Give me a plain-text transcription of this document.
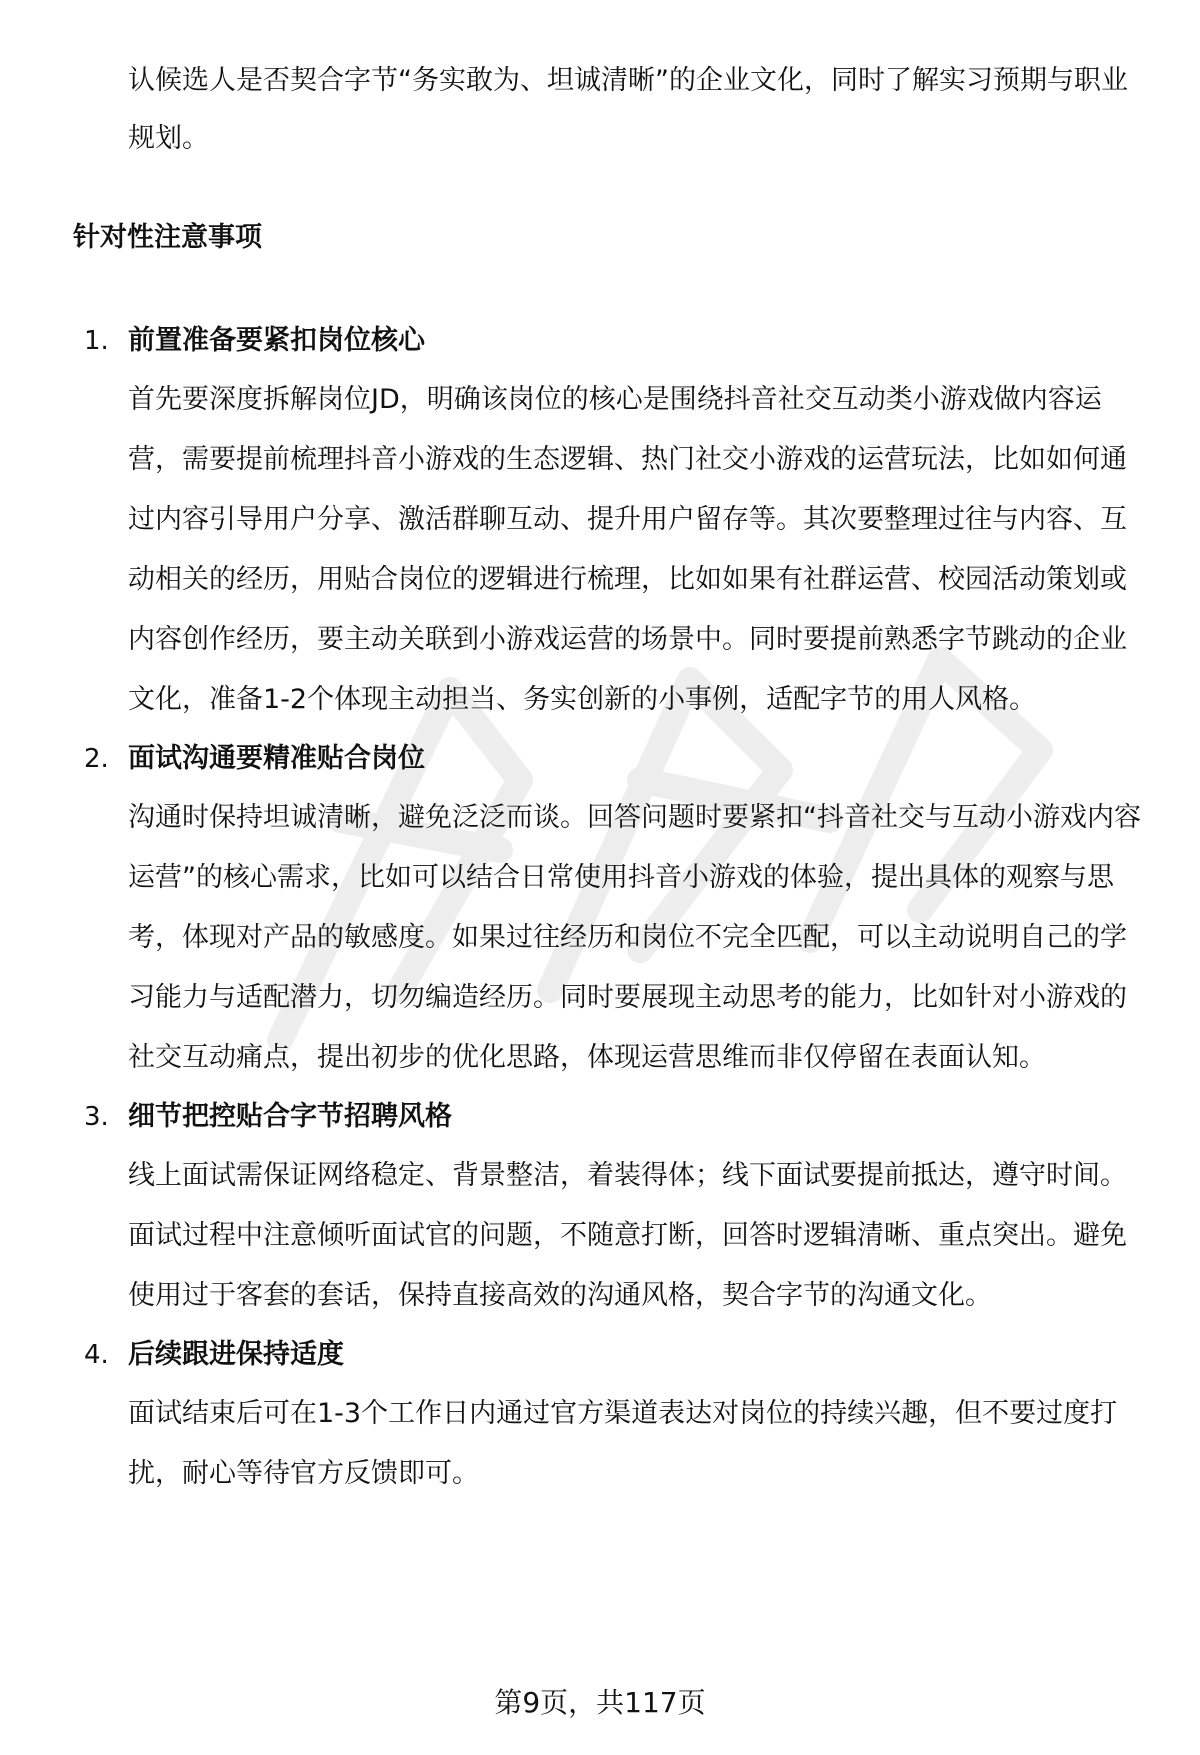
认候选人是否契合字节“务实敢为、坦诚清晰”的企业文化，同时了解实习预期与职业规划。

针对性注意事项
1. 前置准备要紧扣岗位核心
首先要深度拆解岗位JD，明确该岗位的核心是围绕抖音社交互动类小游戏做内容运营，需要提前梳理抖音小游戏的生态逻辑、热门社交小游戏的运营玩法，比如如何通过内容引导用户分享、激活群聊互动、提升用户留存等。其次要整理过往与内容、互动相关的经历，用贴合岗位的逻辑进行梳理，比如如果有社群运营、校园活动策划或内容创作经历，要主动关联到小游戏运营的场景中。同时要提前熟悉字节跳动的企业文化，准备1-2个体现主动担当、务实创新的小事例，适配字节的用人风格。
2. 面试沟通要精准贴合岗位
沟通时保持坦诚清晰，避免泛泛而谈。回答问题时要紧扣“抖音社交与互动小游戏内容运营”的核心需求，比如可以结合日常使用抖音小游戏的体验，提出具体的观察与思考，体现对产品的敏感度。如果过往经历和岗位不完全匹配，可以主动说明自己的学习能力与适配潜力，切勿编造经历。同时要展现主动思考的能力，比如针对小游戏的社交互动痛点，提出初步的优化思路，体现运营思维而非仅停留在表面认知。
3. 细节把控贴合字节招聘风格
线上面试需保证网络稳定、背景整洁，着装得体；线下面试要提前抵达，遵守时间。面试过程中注意倾听面试官的问题，不随意打断，回答时逻辑清晰、重点突出。避免使用过于客套的套话，保持直接高效的沟通风格，契合字节的沟通文化。
4. 后续跟进保持适度
面试结束后可在1-3个工作日内通过官方渠道表达对岗位的持续兴趣，但不要过度打扰，耐心等待官方反馈即可。
第9页，共117页
